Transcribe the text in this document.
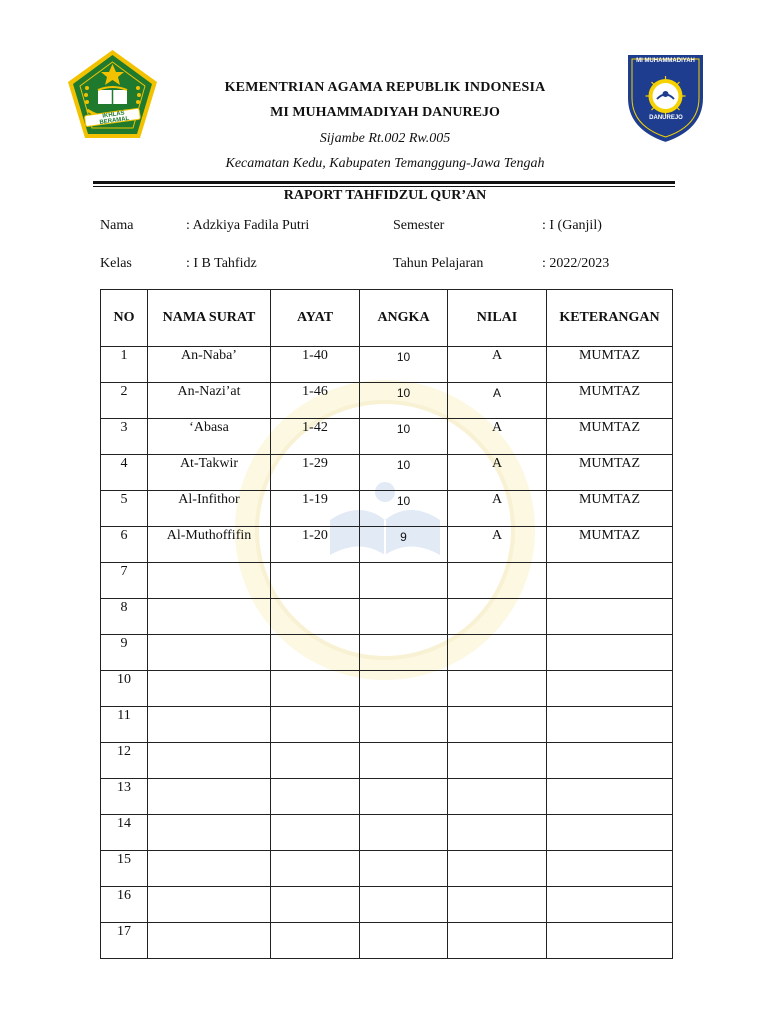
IKHLAS BERAMAL
MI MUHAMMADIYAH
DANUREJO
KEMENTRIAN AGAMA REPUBLIK INDONESIA
MI MUHAMMADIYAH DANUREJO
Sijambe Rt.002 Rw.005
Kecamatan Kedu, Kabupaten Temanggung-Jawa Tengah
RAPORT TAHFIDZUL QUR’AN
Nama	: Adzkiya Fadila Putri	Semester	: I (Ganjil)
Kelas	: I B Tahfidz	Tahun Pelajaran	: 2022/2023
NO	NAMA SURAT	AYAT	ANGKA	NILAI	KETERANGAN
1	An-Naba’	1-40	10	A	MUMTAZ
2	An-Nazi’at	1-46	10	A	MUMTAZ
3	‘Abasa	1-42	10	A	MUMTAZ
4	At-Takwir	1-29	10	A	MUMTAZ
5	Al-Infithor	1-19	10	A	MUMTAZ
6	Al-Muthoffifin	1-20	9	A	MUMTAZ
7					
8					
9					
10					
11					
12					
13					
14					
15					
16					
17					
